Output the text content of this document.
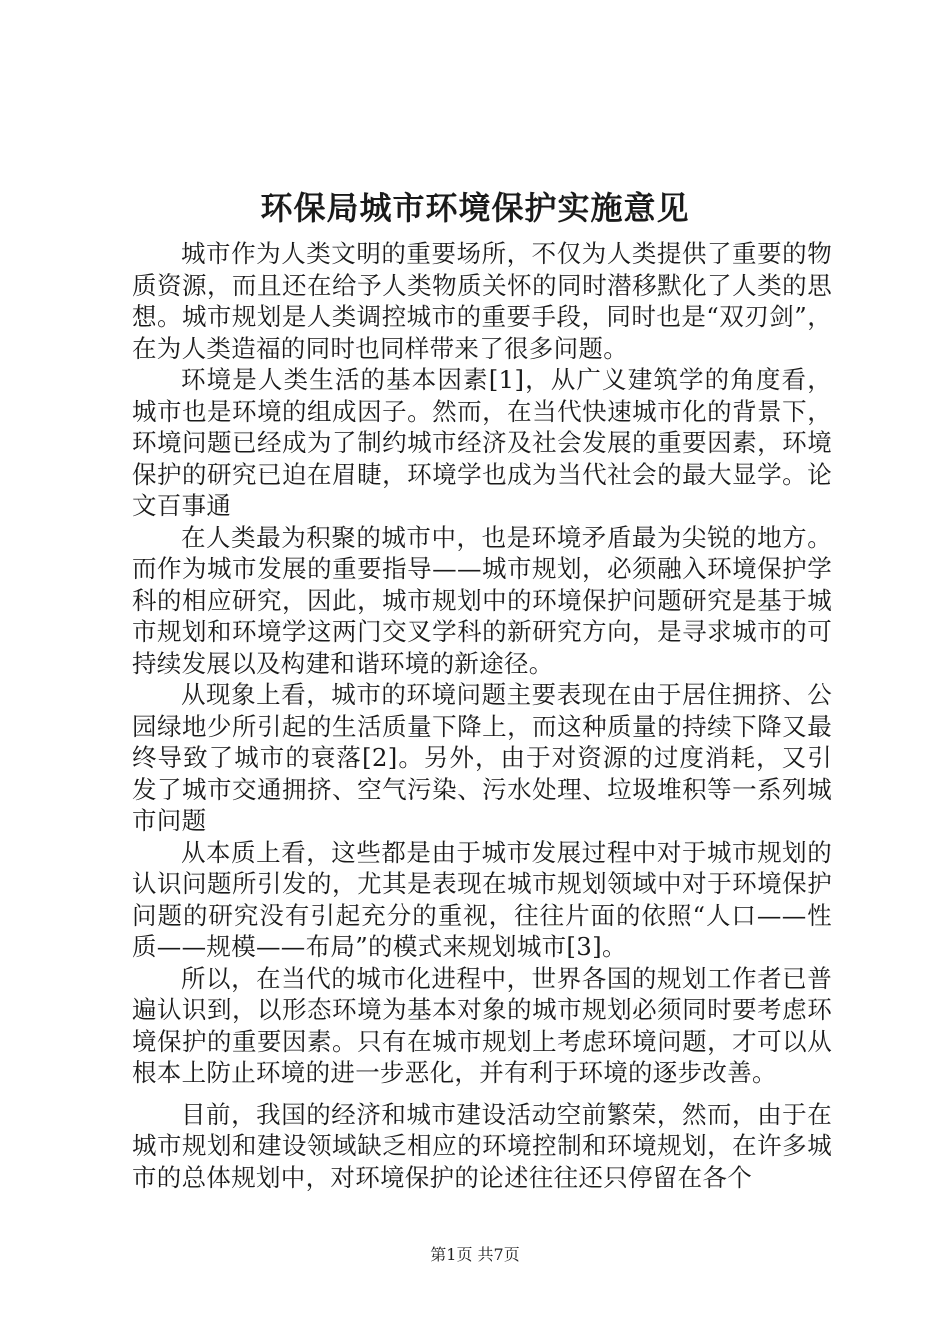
环保局城市环境保护实施意见

城市作为人类文明的重要场所，不仅为人类提供了重要的物质资源，而且还在给予人类物质关怀的同时潜移默化了人类的思想。城市规划是人类调控城市的重要手段，同时也是“双刃剑”，在为人类造福的同时也同样带来了很多问题。

环境是人类生活的基本因素[1]，从广义建筑学的角度看，城市也是环境的组成因子。然而，在当代快速城市化的背景下，环境问题已经成为了制约城市经济及社会发展的重要因素，环境保护的研究已迫在眉睫，环境学也成为当代社会的最大显学。论文百事通

在人类最为积聚的城市中，也是环境矛盾最为尖锐的地方。而作为城市发展的重要指导——城市规划，必须融入环境保护学科的相应研究，因此，城市规划中的环境保护问题研究是基于城市规划和环境学这两门交叉学科的新研究方向，是寻求城市的可持续发展以及构建和谐环境的新途径。

从现象上看，城市的环境问题主要表现在由于居住拥挤、公园绿地少所引起的生活质量下降上，而这种质量的持续下降又最终导致了城市的衰落[2]。另外，由于对资源的过度消耗，又引发了城市交通拥挤、空气污染、污水处理、垃圾堆积等一系列城市问题

从本质上看，这些都是由于城市发展过程中对于城市规划的认识问题所引发的，尤其是表现在城市规划领域中对于环境保护问题的研究没有引起充分的重视，往往片面的依照“人口——性质——规模——布局”的模式来规划城市[3]。

所以，在当代的城市化进程中，世界各国的规划工作者已普遍认识到，以形态环境为基本对象的城市规划必须同时要考虑环境保护的重要因素。只有在城市规划上考虑环境问题，才可以从根本上防止环境的进一步恶化，并有利于环境的逐步改善。

目前，我国的经济和城市建设活动空前繁荣，然而，由于在城市规划和建设领域缺乏相应的环境控制和环境规划，在许多城市的总体规划中，对环境保护的论述往往还只停留在各个

第1页 共7页
